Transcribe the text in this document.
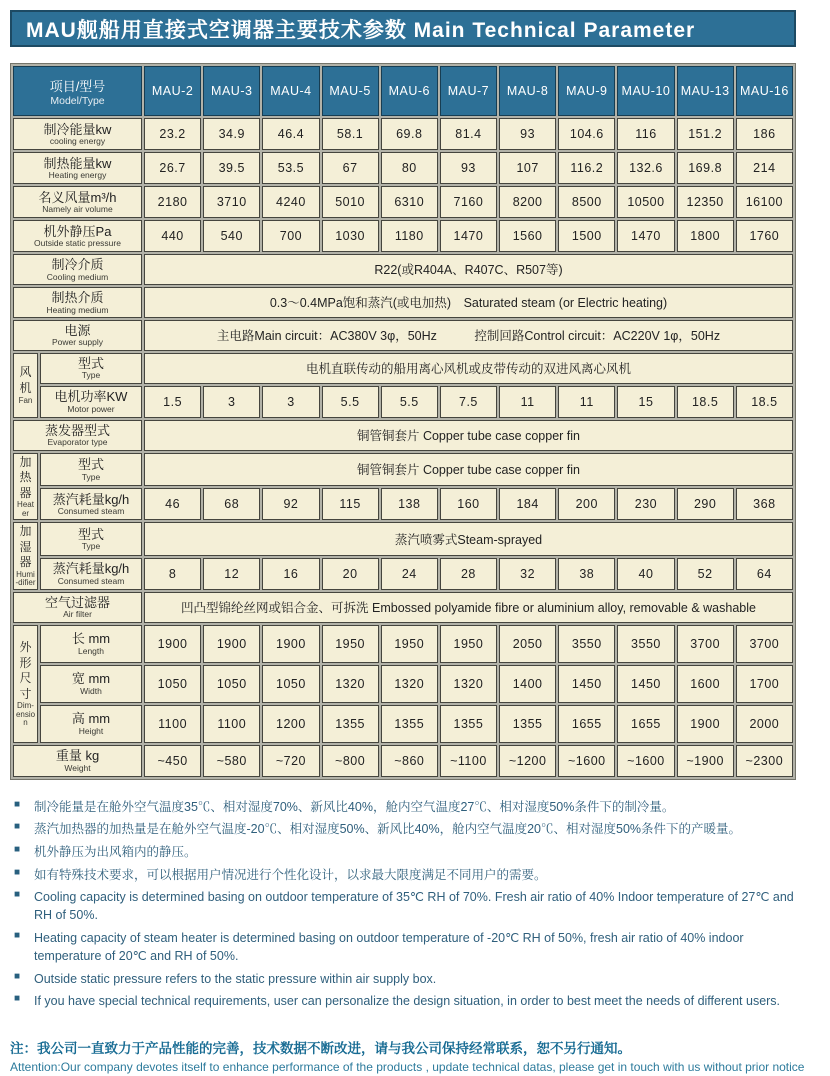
MAU舰船用直接式空调器主要技术参数 Main Technical Parameter
项目/型号
Model/Type		MAU-2	MAU-3	MAU-4	MAU-5	MAU-6	MAU-7	MAU-8	MAU-9	MAU-10	MAU-13	MAU-16

制冷能量kw
cooling energy		23.2	34.9	46.4	58.1	69.8	81.4	93	104.6	116	151.2	186

制热能量kw
Heating energy		26.7	39.5	53.5	67	80	93	107	116.2	132.6	169.8	214

名义风量m³/h
Namely air volume		2180	3710	4240	5010	6310	7160	8200	8500	10500	12350	16100

机外静压Pa
Outside static pressure		440	540	700	1030	1180	1470	1560	1500	1470	1800	1760

制冷介质
Cooling medium		R22(或R404A、R407C、R507等)										

制热介质
Heating medium		0.3～0.4MPa饱和蒸汽(或电加热)　Saturated steam (or Electric heating)										

电源
Power supply		主电路Main circuit：AC380V 3φ，50Hz　　　控制回路Control circuit：AC220V 1φ，50Hz										

风机
Fan

型式
Type	电机直联传动的船用离心风机或皮带传动的双进风离心风机

	电机功率KW
Motor power	1.5	3	3	5.5	5.5	7.5	11	11	15	18.5	18.5

蒸发器型式
Evaporator type		铜管铜套片 Copper tube case copper fin										

加热器
Heater

型式
Type	铜管铜套片 Copper tube case copper fin

	蒸汽耗量kg/h
Consumed steam	46	68	92	115	138	160	184	200	230	290	368

加湿器
Humi-difier

型式
Type	蒸汽喷雾式Steam-sprayed

	蒸汽耗量kg/h
Consumed steam	8	12	16	20	24	28	32	38	40	52	64

空气过滤器
Air filter		凹凸型锦纶丝网或铝合金、可拆洗 Embossed polyamide fibre or aluminium alloy, removable & washable										

外形尺寸
Dim-ension

长 mm
Length
	1900	1900	1900	1950	1950	1950	2050	3550	3550	3700	3700

	宽 mm
Width	1050	1050	1050	1320	1320	1320	1400	1450	1450	1600	1700

	高 mm
Height	1100	1100	1200	1355	1355	1355	1355	1655	1655	1900	2000

重量 kg
Weight		~450	~580	~720	~800	~860	~1100	~1200	~1600	~1600	~1900	~2300
■ 制冷能量是在舱外空气温度35℃、相对湿度70%、新风比40%，舱内空气温度27℃、相对湿度50%条件下的制冷量。
■ 蒸汽加热器的加热量是在舱外空气温度-20℃、相对湿度50%、新风比40%，舱内空气温度20℃、相对湿度50%条件下的产暖量。
■ 机外静压为出风箱内的静压。
■ 如有特殊技术要求，可以根据用户情况进行个性化设计，以求最大限度满足不同用户的需要。
■ Cooling capacity is determined basing on outdoor temperature of 35℃ RH of 70%. Fresh air ratio of 40% Indoor temperature of 27℃ and RH of 50%.
■ Heating capacity of steam heater is determined basing on outdoor temperature of -20℃ RH of 50%, fresh air ratio of 40% indoor temperature of 20℃ and RH of 50%.
■ Outside static pressure refers to the static pressure within air supply box.
■ If you have special technical requirements, user can personalize the design situation, in order to best meet the needs of different users.
注：我公司一直致力于产品性能的完善，技术数据不断改进，请与我公司保持经常联系，恕不另行通知。
Attention:Our company devotes itself to enhance performance of the products , update technical datas, please get in touch with us without prior notice
